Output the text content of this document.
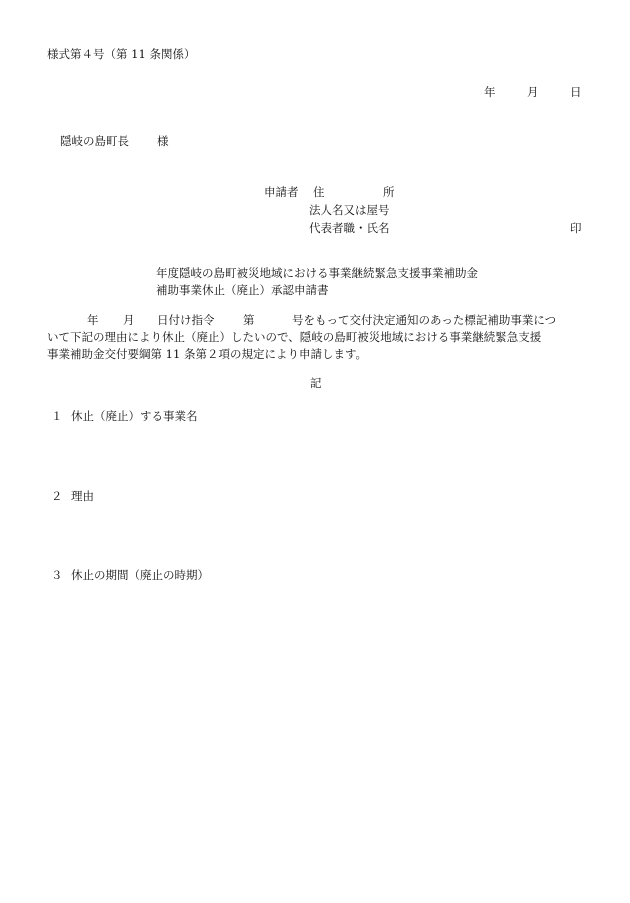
様式第４号（第 11 条関係）
年	月	日
隠岐の島町長 様
申請者 住	所
法人名又は屋号
代表者職・氏名	印
年度隠岐の島町被災地域における事業継続緊急支援事業補助金
補助事業休止（廃止）承認申請書
年 月 日付け指令 第	号をもって交付決定通知のあった標記補助事業につ
いて下記の理由により休止（廃止）したいので、隠岐の島町被災地域における事業継続緊急支援
事業補助金交付要綱第 11 条第２項の規定により申請します。
記
１ 休止（廃止）する事業名
２ 理由
３ 休止の期間（廃止の時期）
